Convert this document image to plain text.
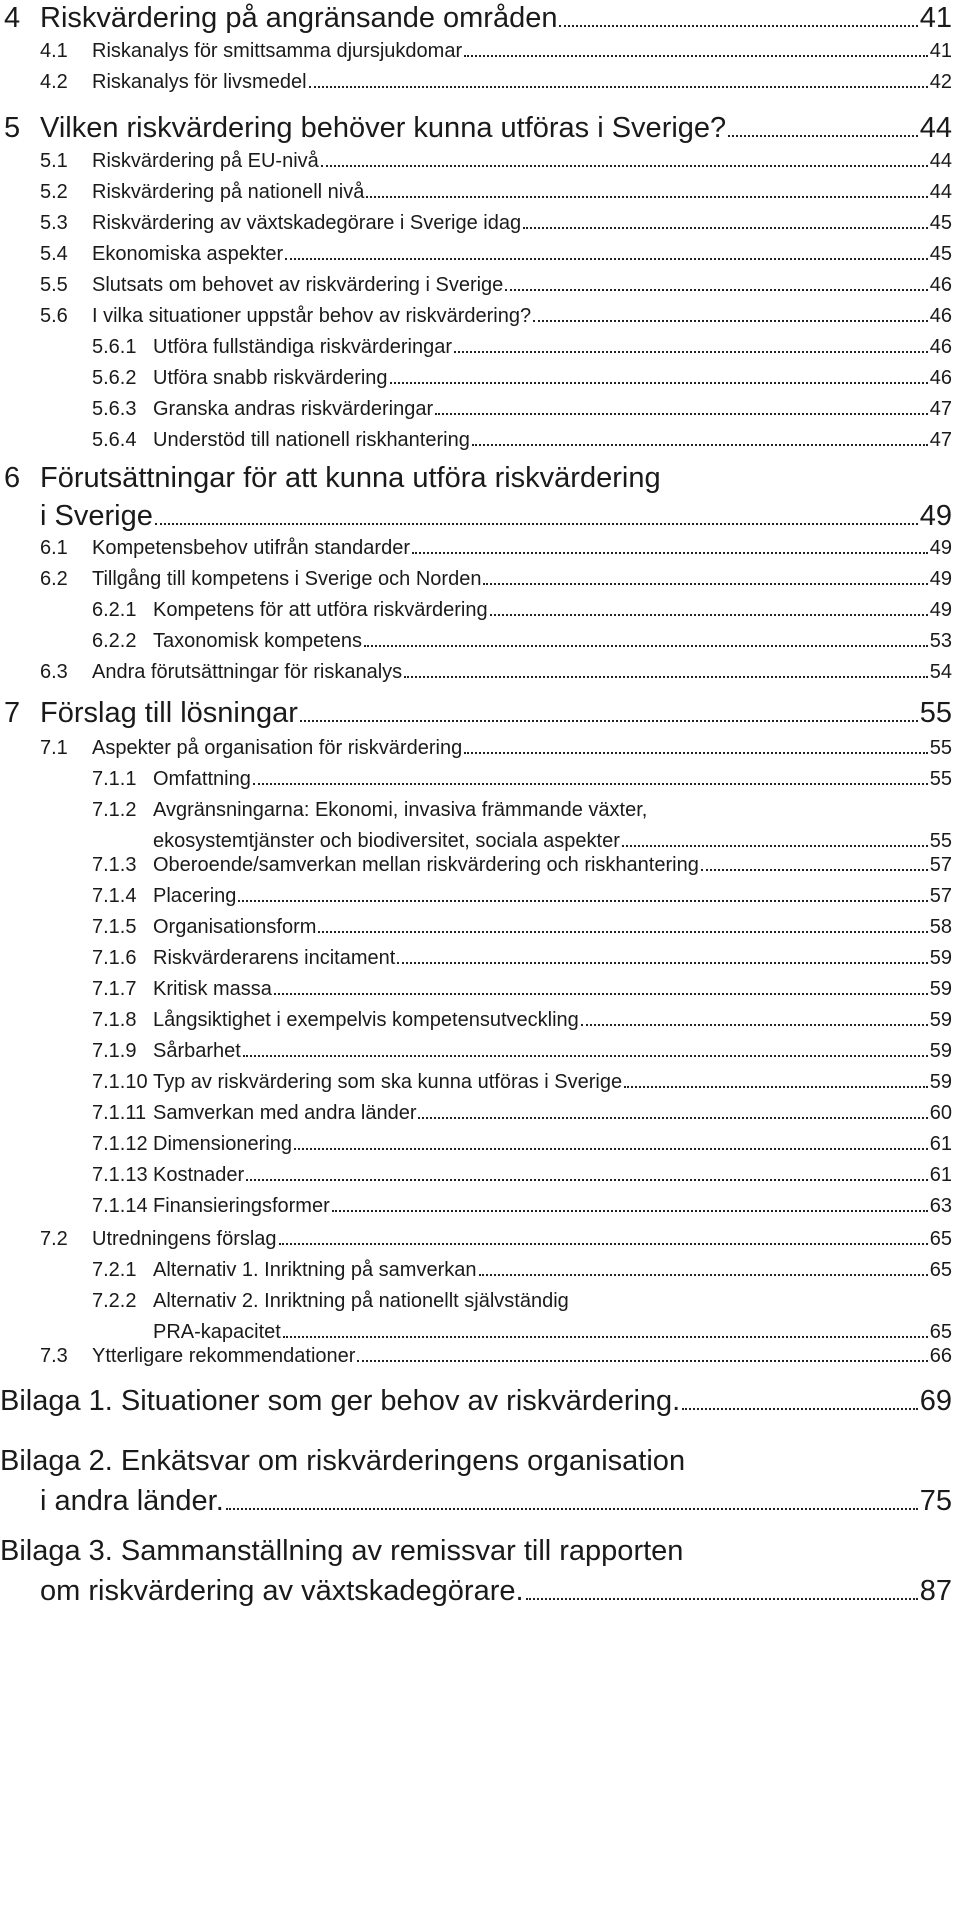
4 Riskvärdering på angränsande områden	41
4.1	Riskanalys för smittsamma djursjukdomar	41
4.2	Riskanalys för livsmedel	42
5 Vilken riskvärdering behöver kunna utföras i Sverige?	44
5.1	Riskvärdering på EU-nivå	44
5.2	Riskvärdering på nationell nivå	44
5.3	Riskvärdering av växtskadegörare i Sverige idag	45
5.4	Ekonomiska aspekter	45
5.5	Slutsats om behovet av riskvärdering i Sverige	46
5.6	I vilka situationer uppstår behov av riskvärdering?	46
5.6.1 Utföra fullständiga riskvärderingar	46
5.6.2 Utföra snabb riskvärdering	46
5.6.3 Granska andras riskvärderingar	47
5.6.4 Understöd till nationell riskhantering	47
6 Förutsättningar för att kunna utföra riskvärdering
i Sverige	49
6.1	Kompetensbehov utifrån standarder	49
6.2	Tillgång till kompetens i Sverige och Norden	49
6.2.1 Kompetens för att utföra riskvärdering	49
6.2.2 Taxonomisk kompetens	53
6.3	Andra förutsättningar för riskanalys	54
7 Förslag till lösningar	55
7.1	Aspekter på organisation för riskvärdering	55
7.1.1 Omfattning	55
7.1.2 Avgränsningarna: Ekonomi, invasiva främmande växter,
ekosystemtjänster och biodiversitet, sociala aspekter	55
7.1.3 Oberoende/samverkan mellan riskvärdering och riskhantering	57
7.1.4 Placering	57
7.1.5 Organisationsform	58
7.1.6 Riskvärderarens incitament	59
7.1.7 Kritisk massa	59
7.1.8 Långsiktighet i exempelvis kompetensutveckling	59
7.1.9 Sårbarhet	59
7.1.10 Typ av riskvärdering som ska kunna utföras i Sverige	59
7.1.11 Samverkan med andra länder	60
7.1.12 Dimensionering	61
7.1.13 Kostnader	61
7.1.14 Finansieringsformer	63
7.2	Utredningens förslag	65
7.2.1 Alternativ 1. Inriktning på samverkan	65
7.2.2 Alternativ 2. Inriktning på nationellt självständig
PRA-kapacitet	65
7.3	Ytterligare rekommendationer	66
Bilaga 1. Situationer som ger behov av riskvärdering.	69
Bilaga 2. Enkätsvar om riskvärderingens organisation
i andra länder.	75
Bilaga 3. Sammanställning av remissvar till rapporten
om riskvärdering av växtskadegörare.	87
